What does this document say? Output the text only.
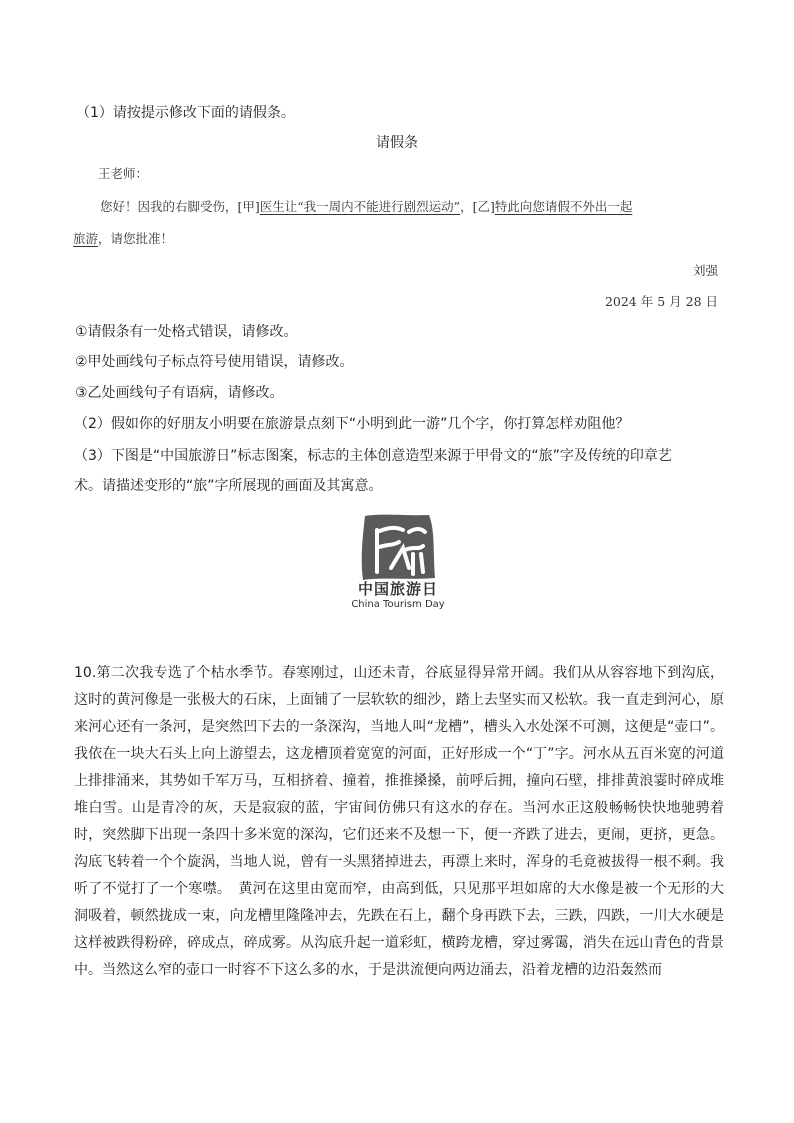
（1）请按提示修改下面的请假条。
请假条
王老师：
您好！因我的右脚受伤，[甲]医生让“我一周内不能进行剧烈运动”，[乙]特此向您请假不外出一起
旅游，请您批准！
刘强
2024 年 5 月 28 日
①请假条有一处格式错误，请修改。
②甲处画线句子标点符号使用错误，请修改。
③乙处画线句子有语病，请修改。
（2）假如你的好朋友小明要在旅游景点刻下“小明到此一游”几个字，你打算怎样劝阻他？
（3）下图是“中国旅游日”标志图案，标志的主体创意造型来源于甲骨文的“旅”字及传统的印章艺
术。请描述变形的“旅”字所展现的画面及其寓意。
中国旅游日
China Tourism Day

10.第二次我专选了个枯水季节。春寒刚过，山还未青，谷底显得异常开阔。我们从从容容地下到沟底，这时的黄河像是一张极大的石床，上面铺了一层软软的细沙，踏上去坚实而又松软。我一直走到河心，原来河心还有一条河，是突然凹下去的一条深沟，当地人叫“龙槽”，槽头入水处深不可测，这便是“壶口”。我依在一块大石头上向上游望去，这龙槽顶着宽宽的河面，正好形成一个“丁”字。河水从五百米宽的河道上排排涌来，其势如千军万马，互相挤着、撞着，推推搡搡，前呼后拥，撞向石壁，排排黄浪霎时碎成堆堆白雪。山是青冷的灰，天是寂寂的蓝，宇宙间仿佛只有这水的存在。当河水正这般畅畅快快地驰骋着时，突然脚下出现一条四十多米宽的深沟，它们还来不及想一下，便一齐跌了进去，更闹，更挤，更急。沟底飞转着一个个旋涡，当地人说，曾有一头黑猪掉进去，再漂上来时，浑身的毛竟被拔得一根不剩。我听了不觉打了一个寒噤。　黄河在这里由宽而窄，由高到低，只见那平坦如席的大水像是被一个无形的大洞吸着，顿然拢成一束，向龙槽里隆隆冲去，先跌在石上，翻个身再跌下去，三跌，四跌，一川大水硬是这样被跌得粉碎，碎成点，碎成雾。从沟底升起一道彩虹，横跨龙槽，穿过雾霭，消失在远山青色的背景中。当然这么窄的壶口一时容不下这么多的水，于是洪流便向两边涌去，沿着龙槽的边沿轰然而
